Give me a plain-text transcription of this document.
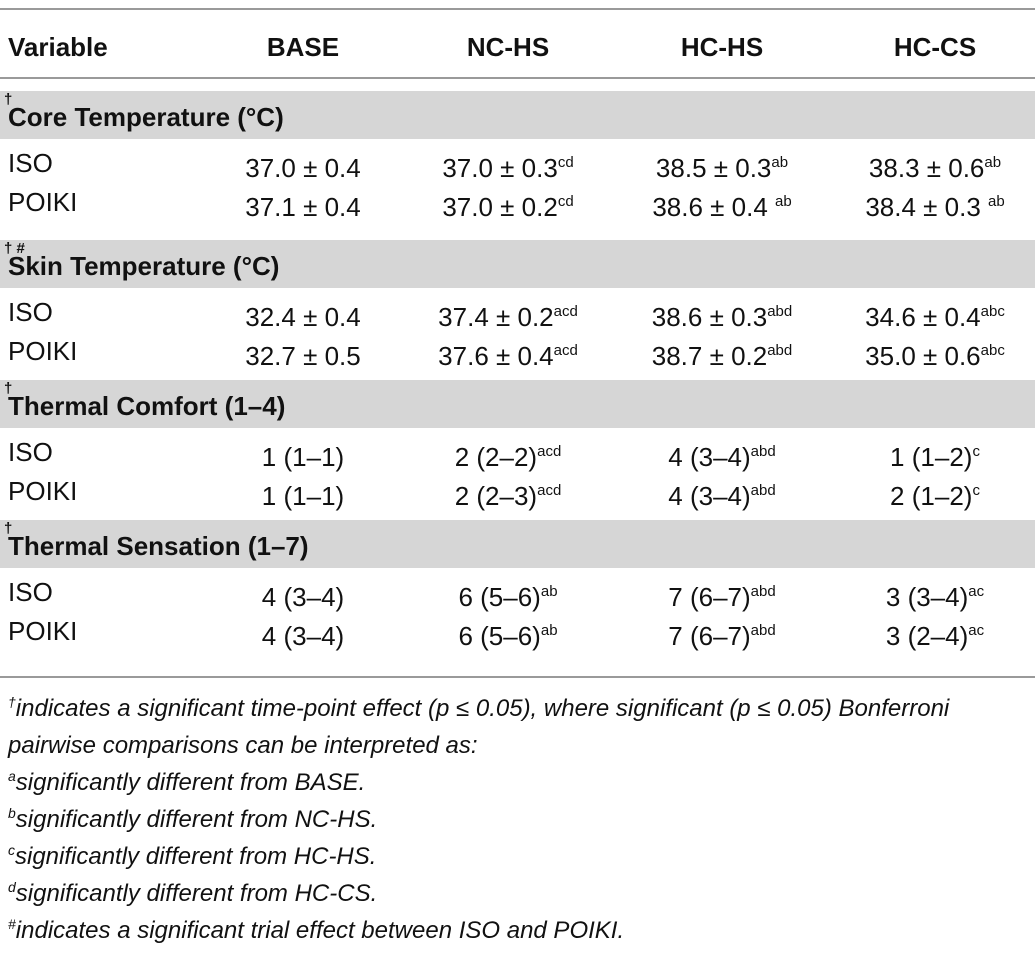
Variable	BASE	NC-HS	HC-HS	HC-CS
Core Temperature (°C)
†
ISO	37.0 ± 0.4	37.0 ± 0.3$^{cd}$	38.5 ± 0.3$^{ab}$	38.3 ± 0.6$^{ab}$
POIKI	37.1 ± 0.4	37.0 ± 0.2$^{cd}$	38.6 ± 0.4 $^{ab}$	38.4 ± 0.3 $^{ab}$
Skin Temperature (°C)
† #
ISO	32.4 ± 0.4	37.4 ± 0.2$^{acd}$	38.6 ± 0.3$^{abd}$	34.6 ± 0.4$^{abc}$
POIKI	32.7 ± 0.5	37.6 ± 0.4$^{acd}$	38.7 ± 0.2$^{abd}$	35.0 ± 0.6$^{abc}$
Thermal Comfort (1–4)
†
ISO	1 (1–1)	2 $(2-2)^{acd}$	4 $(3-4)^{abd}$	1 $(1-2)^c$
POIKI	1 (1–1)	2 $(2-3)^{acd}$	4 $(3-4)^{abd}$	2 $(1-2)^c$
Thermal Sensation (1–7)
†
ISO	4 (3–4)	6 $(5-6)^{ab}$	7 $(6-7)^{abd}$	3 $(3-4)^{ac}$
POIKI	4 (3–4)	6 $(5-6)^{ab}$	7 $(6-7)^{abd}$	3 $(2-4)^{ac}$
†indicates a significant time-point effect (p ≤ 0.05), where significant (p ≤ 0.05) Bonferroni
pairwise comparisons can be interpreted as:
$^a$significantly different from BASE.
$^b$significantly different from NC-HS.
$^c$significantly different from HC-HS.
$^d$significantly different from HC-CS.
#indicates a significant trial effect between ISO and POIKI.
